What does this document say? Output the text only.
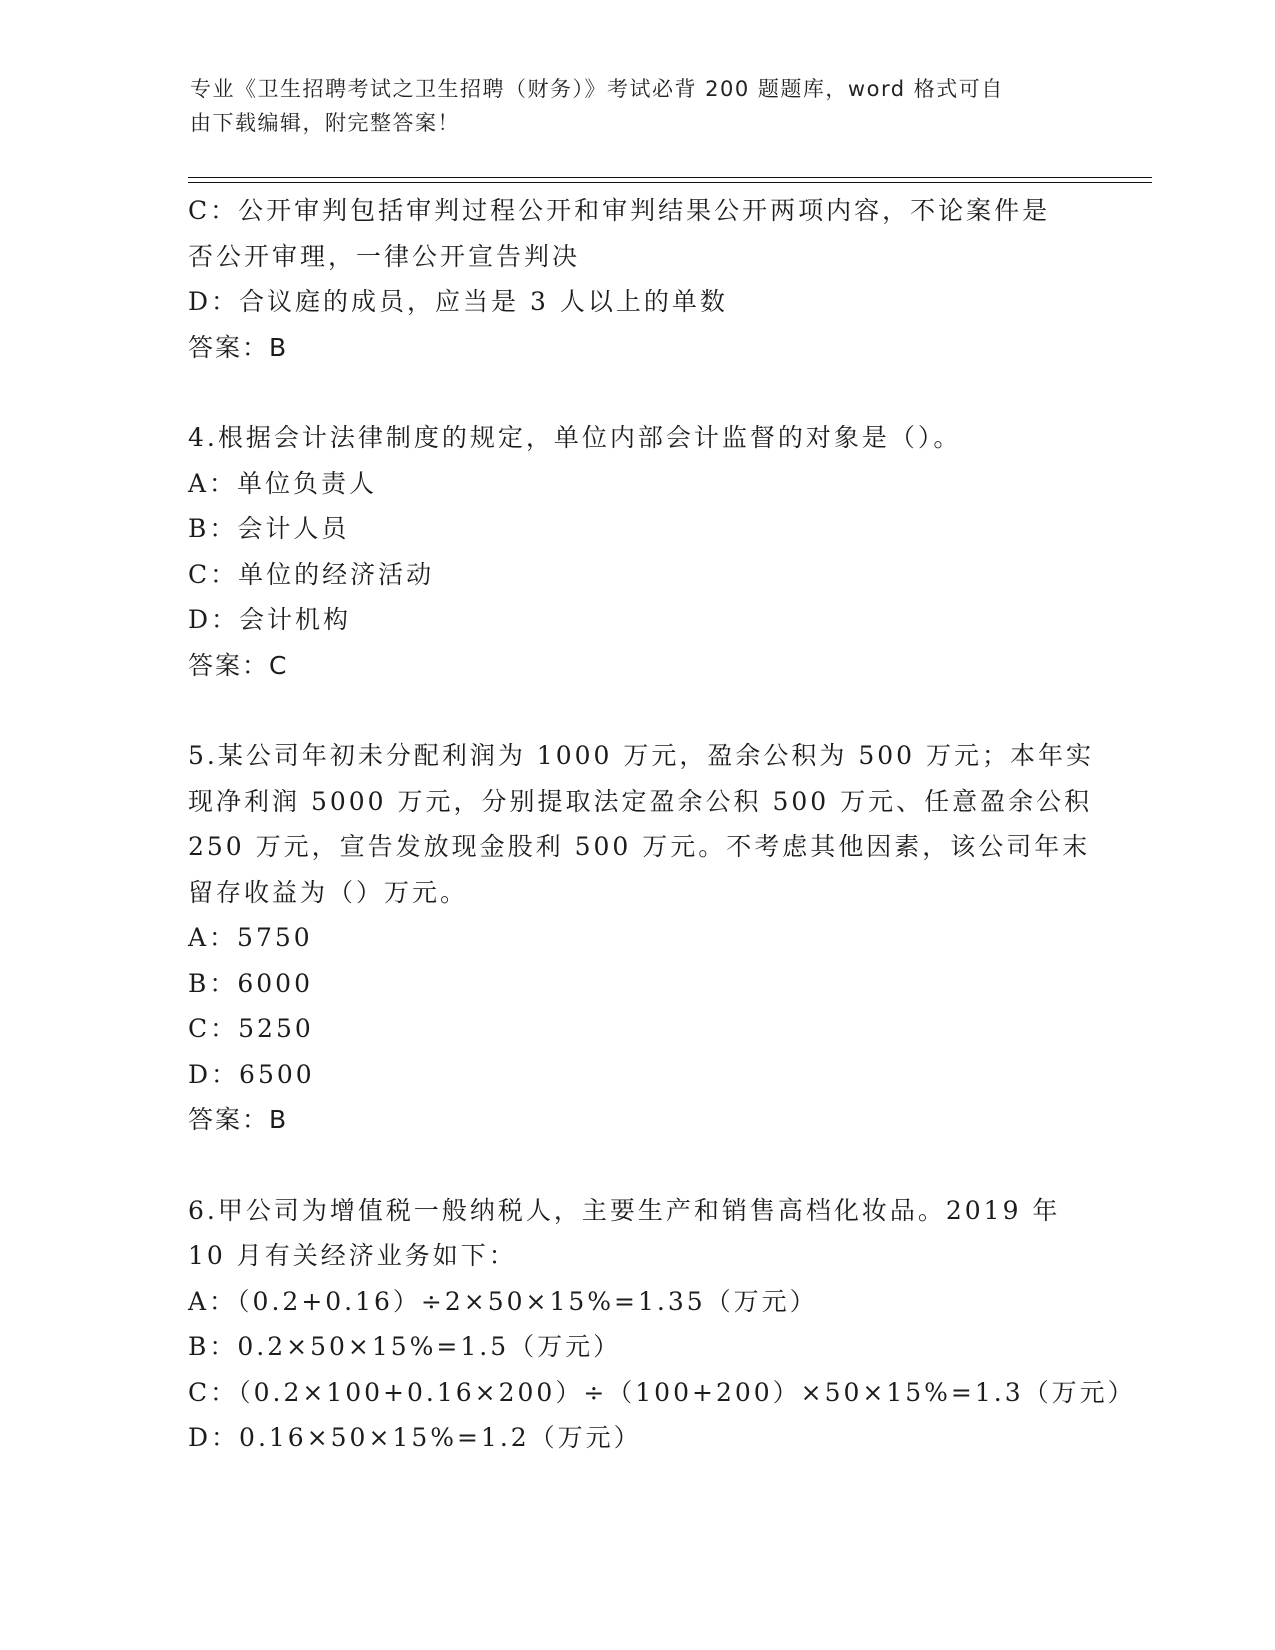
专业《卫生招聘考试之卫生招聘（财务）》考试必背 200 题题库，word 格式可自
由下载编辑，附完整答案！
C：公开审判包括审判过程公开和审判结果公开两项内容，不论案件是
否公开审理，一律公开宣告判决
D：合议庭的成员，应当是 3 人以上的单数
答案：B
4.根据会计法律制度的规定，单位内部会计监督的对象是（）。
A：单位负责人
B：会计人员
C：单位的经济活动
D：会计机构
答案：C
5.某公司年初未分配利润为 1000 万元，盈余公积为 500 万元；本年实
现净利润 5000 万元，分别提取法定盈余公积 500 万元、任意盈余公积
250 万元，宣告发放现金股利 500 万元。不考虑其他因素，该公司年末
留存收益为（）万元。
A：5750
B：6000
C：5250
D：6500
答案：B
6.甲公司为增值税一般纳税人，主要生产和销售高档化妆品。2019 年
10 月有关经济业务如下：
A：（0.2+0.16）÷2×50×15%=1.35（万元）
B：0.2×50×15%=1.5（万元）
C：（0.2×100+0.16×200）÷（100+200）×50×15%=1.3（万元）
D：0.16×50×15%=1.2（万元）
